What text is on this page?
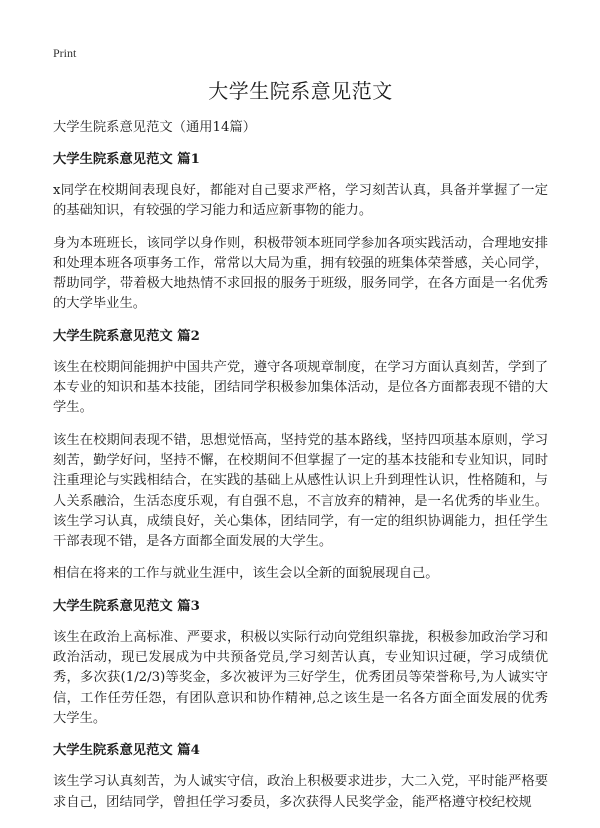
Print
大学生院系意见范文

大学生院系意见范文（通用14篇）

大学生院系意见范文 篇1

x同学在校期间表现良好，都能对自己要求严格，学习刻苦认真，具备并掌握了一定的基础知识，有较强的学习能力和适应新事物的能力。

身为本班班长，该同学以身作则，积极带领本班同学参加各项实践活动，合理地安排和处理本班各项事务工作，常常以大局为重，拥有较强的班集体荣誉感，关心同学，帮助同学，带着极大地热情不求回报的服务于班级，服务同学，在各方面是一名优秀的大学毕业生。

大学生院系意见范文 篇2

该生在校期间能拥护中国共产党，遵守各项规章制度，在学习方面认真刻苦，学到了本专业的知识和基本技能，团结同学积极参加集体活动，是位各方面都表现不错的大学生。

该生在校期间表现不错，思想觉悟高，坚持党的基本路线，坚持四项基本原则，学习刻苦，勤学好问，坚持不懈，在校期间不但掌握了一定的基本技能和专业知识，同时注重理论与实践相结合，在实践的基础上从感性认识上升到理性认识，性格随和，与人关系融洽，生活态度乐观，有自强不息，不言放弃的精神，是一名优秀的毕业生。该生学习认真，成绩良好，关心集体，团结同学，有一定的组织协调能力，担任学生干部表现不错，是各方面都全面发展的大学生。

相信在将来的工作与就业生涯中，该生会以全新的面貌展现自己。

大学生院系意见范文 篇3

该生在政治上高标准、严要求，积极以实际行动向党组织靠拢，积极参加政治学习和政治活动，现已发展成为中共预备党员,学习刻苦认真，专业知识过硬，学习成绩优秀，多次获(1/2/3)等奖金，多次被评为三好学生，优秀团员等荣誉称号,为人诚实守信，工作任劳任怨，有团队意识和协作精神,总之该生是一名各方面全面发展的优秀大学生。

大学生院系意见范文 篇4

该生学习认真刻苦，为人诚实守信，政治上积极要求进步，大二入党，平时能严格要求自己，团结同学，曾担任学习委员，多次获得人民奖学金，能严格遵守校纪校规
